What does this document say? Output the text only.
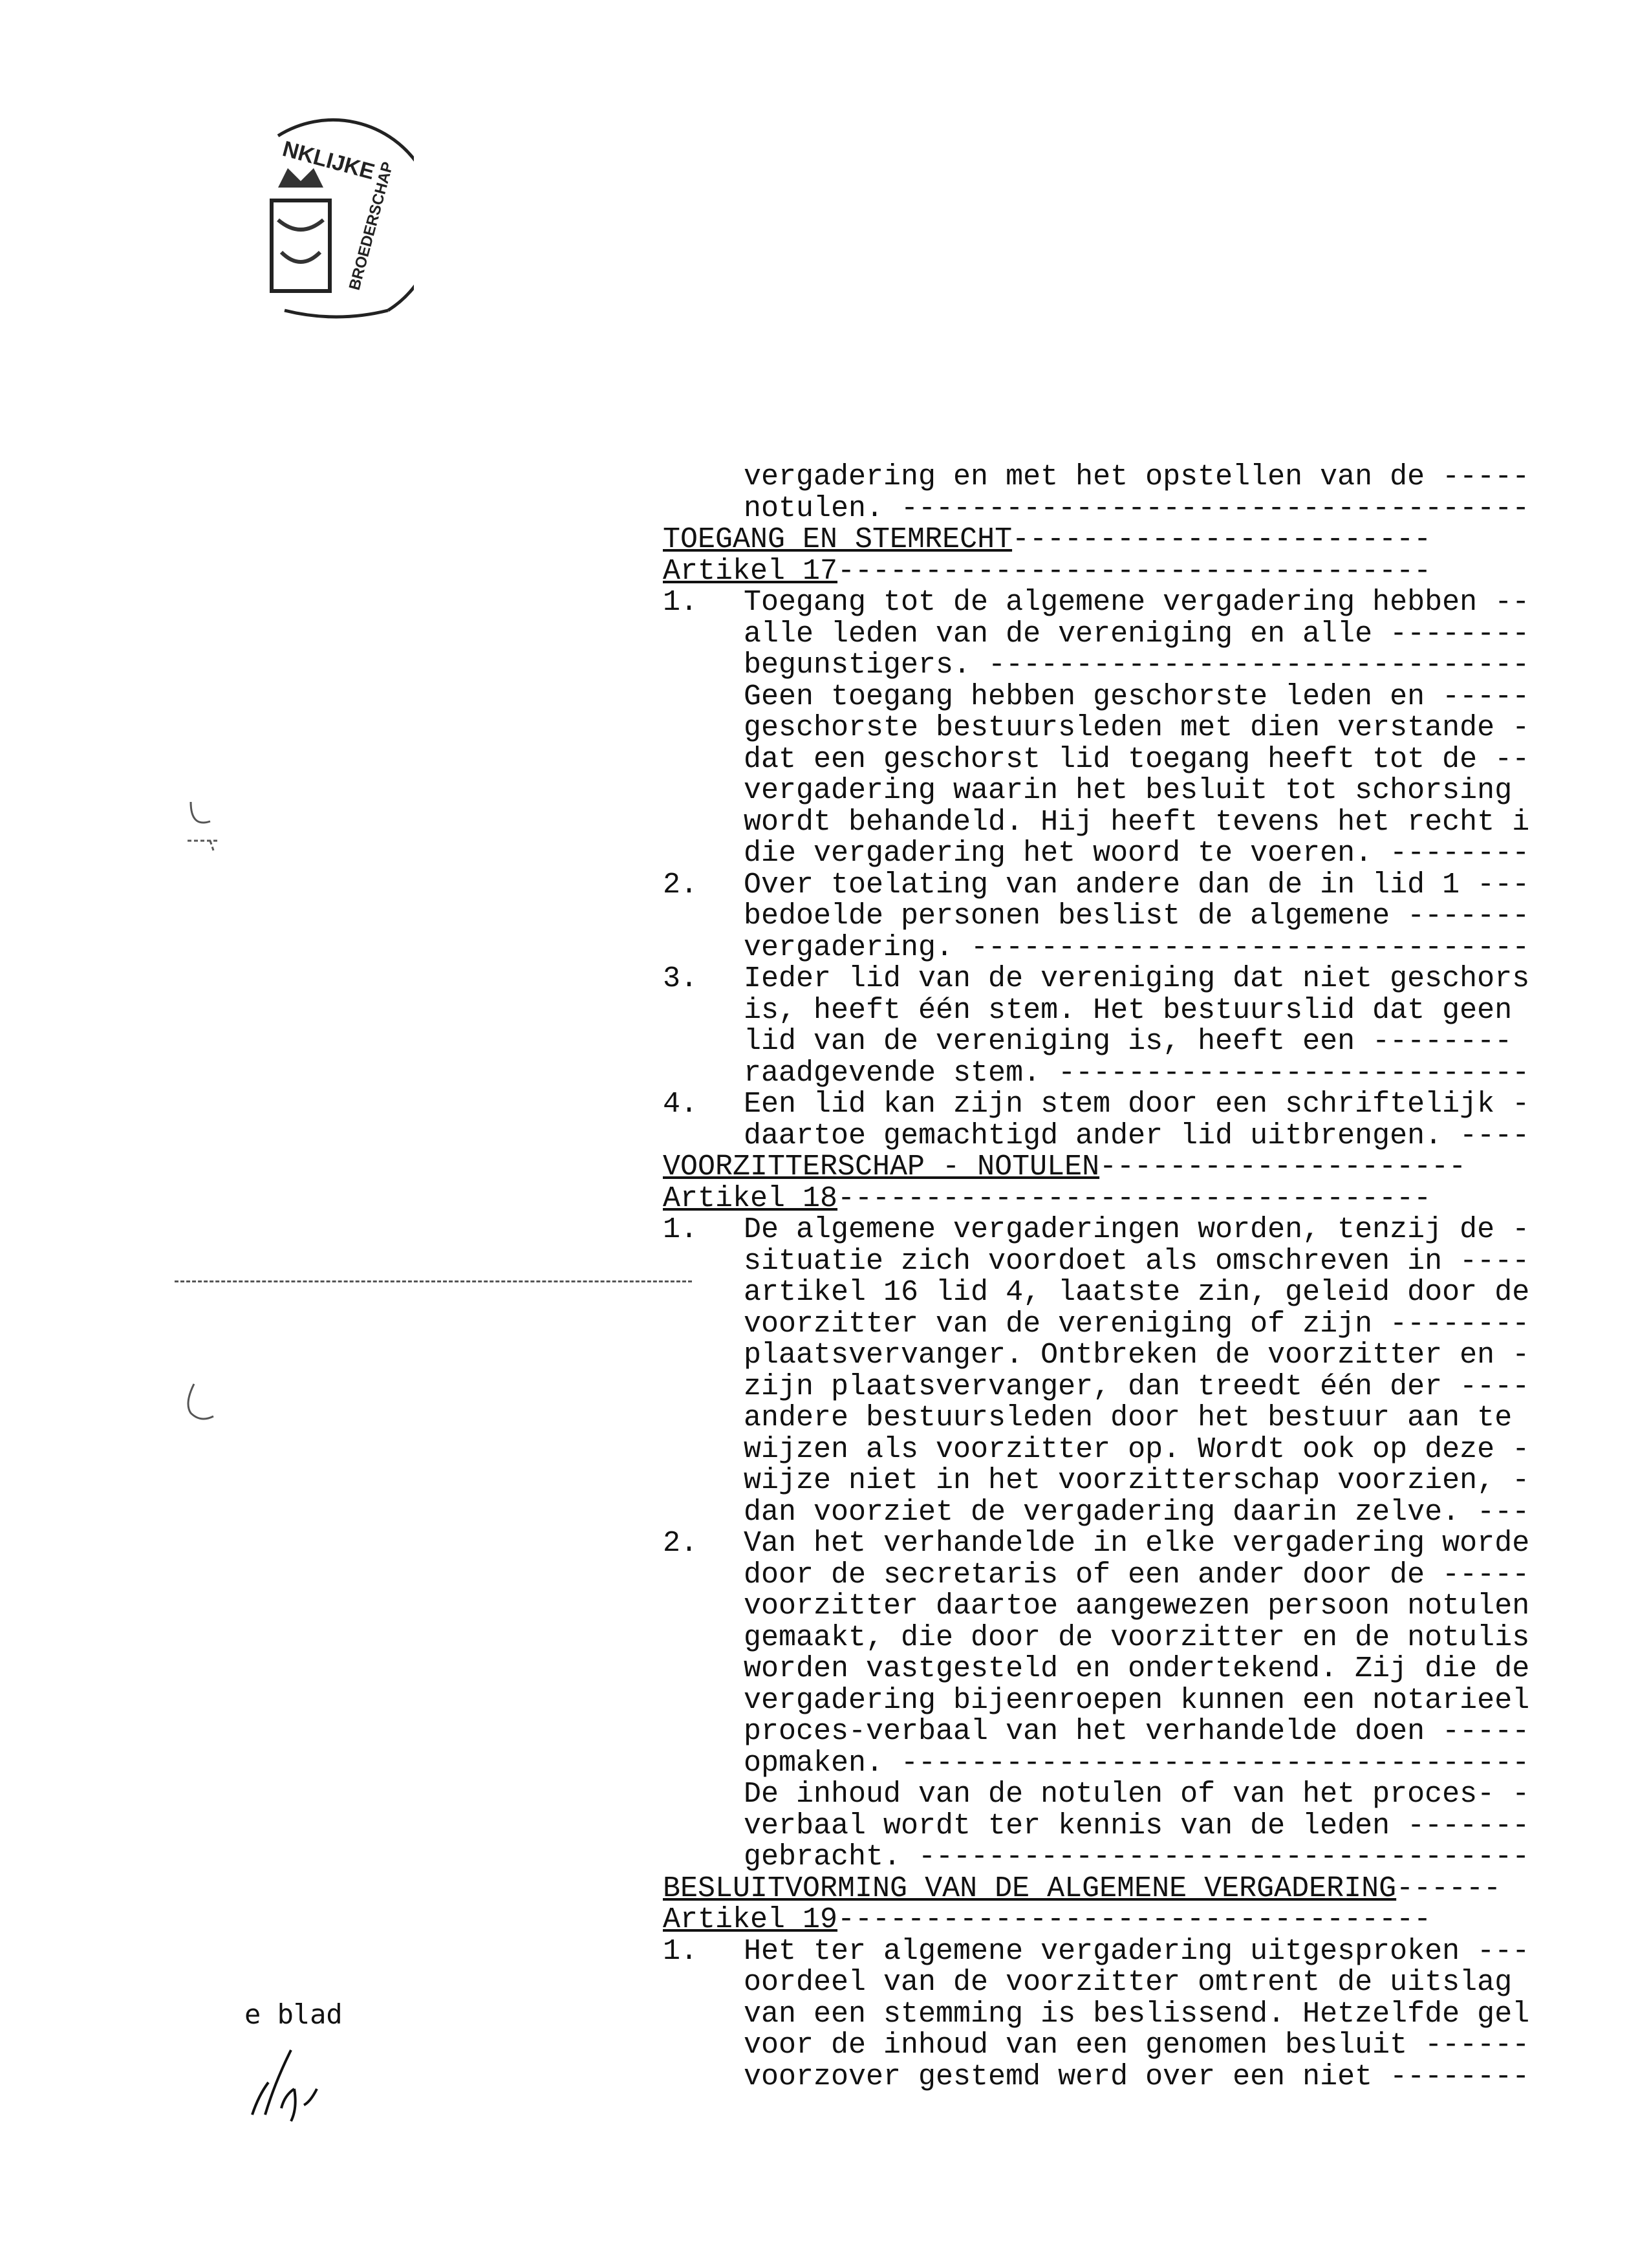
NKLIJKE
BROEDERSCHAP
vergadering en met het opstellen van de -----
notulen. ------------------------------------
TOEGANG EN STEMRECHT ------------------------
Artikel 17 ----------------------------------
1. Toegang tot de algemene vergadering hebben --
alle leden van de vereniging en alle --------
begunstigers. -------------------------------
Geen toegang hebben geschorste leden en -----
geschorste bestuursleden met dien verstande -
dat een geschorst lid toegang heeft tot de --
vergadering waarin het besluit tot schorsing
wordt behandeld. Hij heeft tevens het recht i
die vergadering het woord te voeren. --------
2. Over toelating van andere dan de in lid 1 ---
bedoelde personen beslist de algemene -------
vergadering. --------------------------------
3. Ieder lid van de vereniging dat niet geschors
is, heeft één stem. Het bestuurslid dat geen
lid van de vereniging is, heeft een --------
raadgevende stem. ---------------------------
4. Een lid kan zijn stem door een schriftelijk -
daartoe gemachtigd ander lid uitbrengen. ----
VOORZITTERSCHAP - NOTULEN ---------------------
Artikel 18 ----------------------------------
1. De algemene vergaderingen worden, tenzij de -
situatie zich voordoet als omschreven in ----
artikel 16 lid 4, laatste zin, geleid door de
voorzitter van de vereniging of zijn --------
plaatsvervanger. Ontbreken de voorzitter en -
zijn plaatsvervanger, dan treedt één der ----
andere bestuursleden door het bestuur aan te
wijzen als voorzitter op. Wordt ook op deze -
wijze niet in het voorzitterschap voorzien, -
dan voorziet de vergadering daarin zelve. ---
2. Van het verhandelde in elke vergadering worde
door de secretaris of een ander door de -----
voorzitter daartoe aangewezen persoon notulen
gemaakt, die door de voorzitter en de notulis
worden vastgesteld en ondertekend. Zij die de
vergadering bijeenroepen kunnen een notarieel
proces-verbaal van het verhandelde doen -----
opmaken. ------------------------------------
De inhoud van de notulen of van het proces- -
verbaal wordt ter kennis van de leden -------
gebracht. -----------------------------------
BESLUITVORMING VAN DE ALGEMENE VERGADERING ------
Artikel 19 ----------------------------------
1. Het ter algemene vergadering uitgesproken ---
oordeel van de voorzitter omtrent de uitslag
van een stemming is beslissend. Hetzelfde gel
voor de inhoud van een genomen besluit ------
voorzover gestemd werd over een niet --------
e blad
